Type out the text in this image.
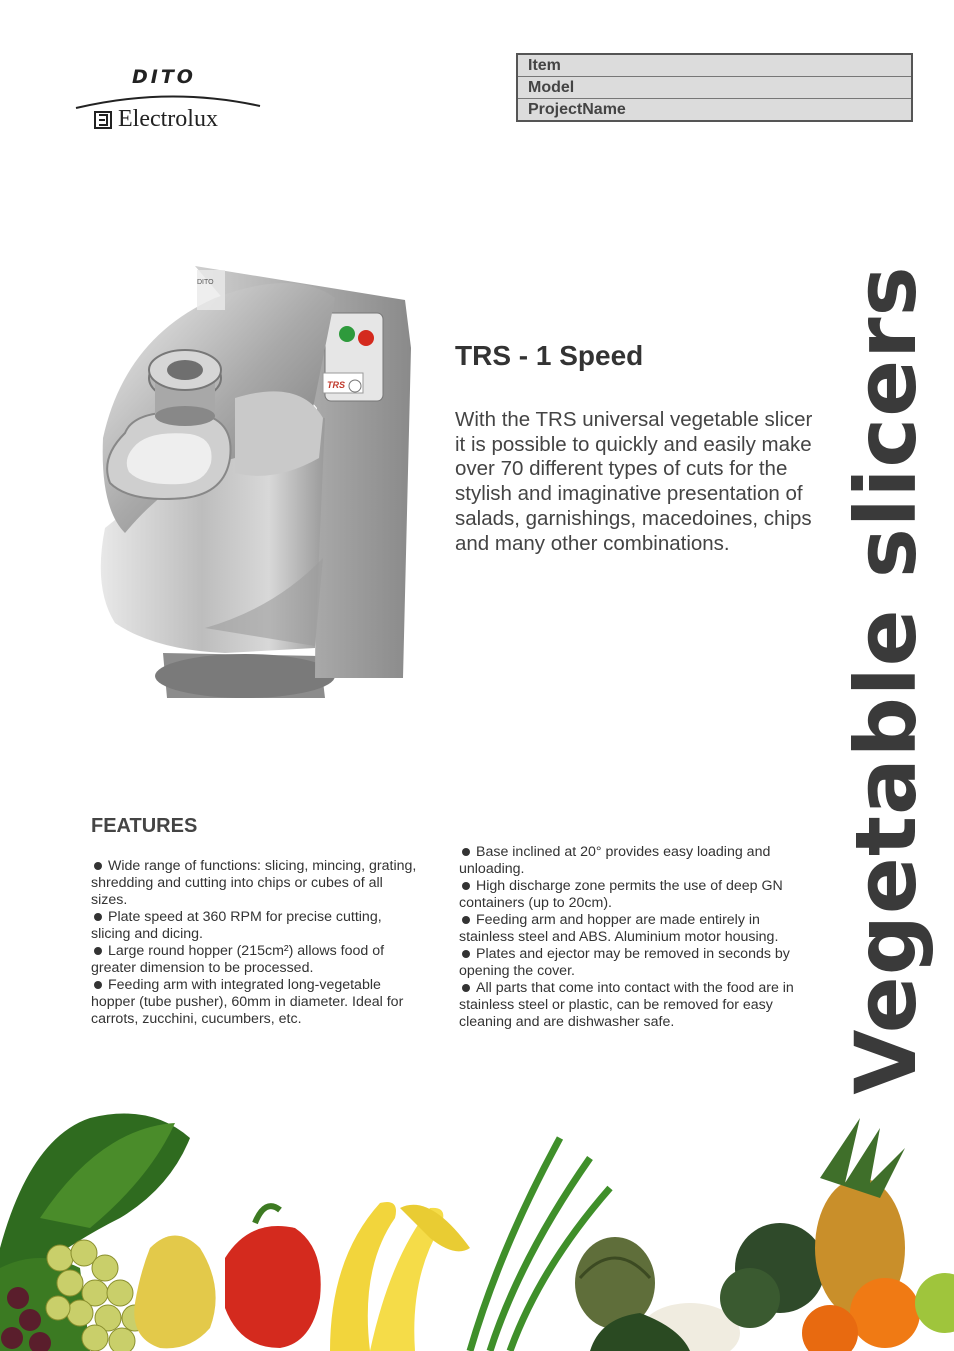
DITO
Electrolux
Item
Model
ProjectName
TRS
DITO
TRS - 1 Speed

With the TRS universal vegetable slicer it is possible to quickly and easily make over 70 different types of cuts for the stylish and imaginative presentation of salads, garnishings, macedoines, chips and many other combinations.	Vegetable slicers
FEATURES
Wide range of functions: slicing, mincing, grating, shredding and cutting into chips or cubes of all sizes.
Plate speed at 360 RPM for precise cutting, slicing and dicing.
Large round hopper (215cm²) allows food of greater dimension to be processed.
Feeding arm with integrated long-vegetable hopper (tube pusher), 60mm in diameter. Ideal for carrots, zucchini, cucumbers, etc.
Base inclined at 20° provides easy loading and unloading.
High discharge zone permits the use of deep GN containers (up to 20cm).
Feeding arm and hopper are made entirely in stainless steel and ABS. Aluminium motor housing.
Plates and ejector may be removed in seconds by opening the cover.
All parts that come into contact with the food are in stainless steel or plastic, can be removed for easy cleaning and are dishwasher safe.
